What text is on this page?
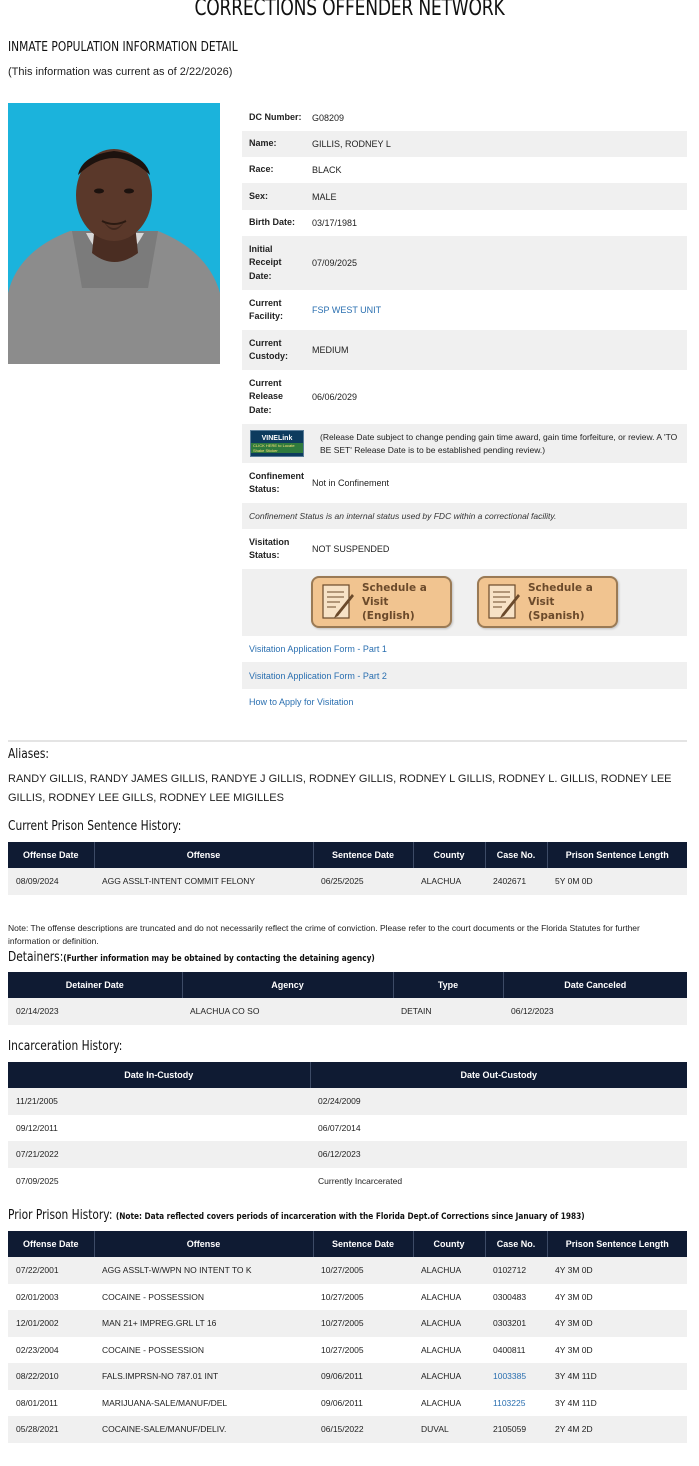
CORRECTIONS OFFENDER NETWORK
INMATE POPULATION INFORMATION DETAIL
(This information was current as of 2/22/2026)
DC Number:	G08209
Name:	GILLIS, RODNEY L
Race:	BLACK
Sex:	MALE
Birth Date:	03/17/1981
Initial
Receipt
Date:
07/09/2025
Current
Facility:
FSP WEST UNIT
Current
Custody:
MEDIUM
Current
Release
Date:
06/06/2029
VINELink
CLICK HERE to Locate Shake Sticker
(Release Date subject to change pending gain time award, gain time forfeiture, or review. A 'TO BE SET' Release Date is to be established pending review.)
Confinement
Status:
Not in Confinement
Confinement Status is an internal status used by FDC within a correctional facility.
Visitation
Status:
NOT SUSPENDED
Schedule a Visit
(English)
Schedule a Visit
(Spanish)
Visitation Application Form - Part 1
Visitation Application Form - Part 2
How to Apply for Visitation
Aliases:
RANDY GILLIS, RANDY JAMES GILLIS, RANDYE J GILLIS, RODNEY GILLIS, RODNEY L GILLIS, RODNEY L. GILLIS, RODNEY LEE GILLIS, RODNEY LEE GILLS, RODNEY LEE MIGILLES
Current Prison Sentence History:
Offense Date	Offense	Sentence Date	County	Case No.	Prison Sentence Length
08/09/2024	AGG ASSLT-INTENT COMMIT FELONY	06/25/2025	ALACHUA	2402671	5Y 0M 0D
Note: The offense descriptions are truncated and do not necessarily reflect the crime of conviction. Please refer to the court documents or the Florida Statutes for further information or definition.
Detainers:(Further information may be obtained by contacting the detaining agency)
Detainer Date	Agency	Type	Date Canceled
02/14/2023	ALACHUA CO SO	DETAIN	06/12/2023
Incarceration History:
Date In-Custody	Date Out-Custody
11/21/2005	02/24/2009
09/12/2011	06/07/2014
07/21/2022	06/12/2023
07/09/2025	Currently Incarcerated
Prior Prison History: (Note: Data reflected covers periods of incarceration with the Florida Dept.of Corrections since January of 1983)
Offense Date	Offense	Sentence Date	County	Case No.	Prison Sentence Length
07/22/2001	AGG ASSLT-W/WPN NO INTENT TO K	10/27/2005	ALACHUA	0102712	4Y 3M 0D
02/01/2003	COCAINE - POSSESSION	10/27/2005	ALACHUA	0300483	4Y 3M 0D
12/01/2002	MAN 21+ IMPREG.GRL LT 16	10/27/2005	ALACHUA	0303201	4Y 3M 0D
02/23/2004	COCAINE - POSSESSION	10/27/2005	ALACHUA	0400811	4Y 3M 0D
08/22/2010	FALS.IMPRSN-NO 787.01 INT	09/06/2011	ALACHUA	1003385	3Y 4M 11D
08/01/2011	MARIJUANA-SALE/MANUF/DEL	09/06/2011	ALACHUA	1103225	3Y 4M 11D
05/28/2021	COCAINE-SALE/MANUF/DELIV.	06/15/2022	DUVAL	2105059	2Y 4M 2D
